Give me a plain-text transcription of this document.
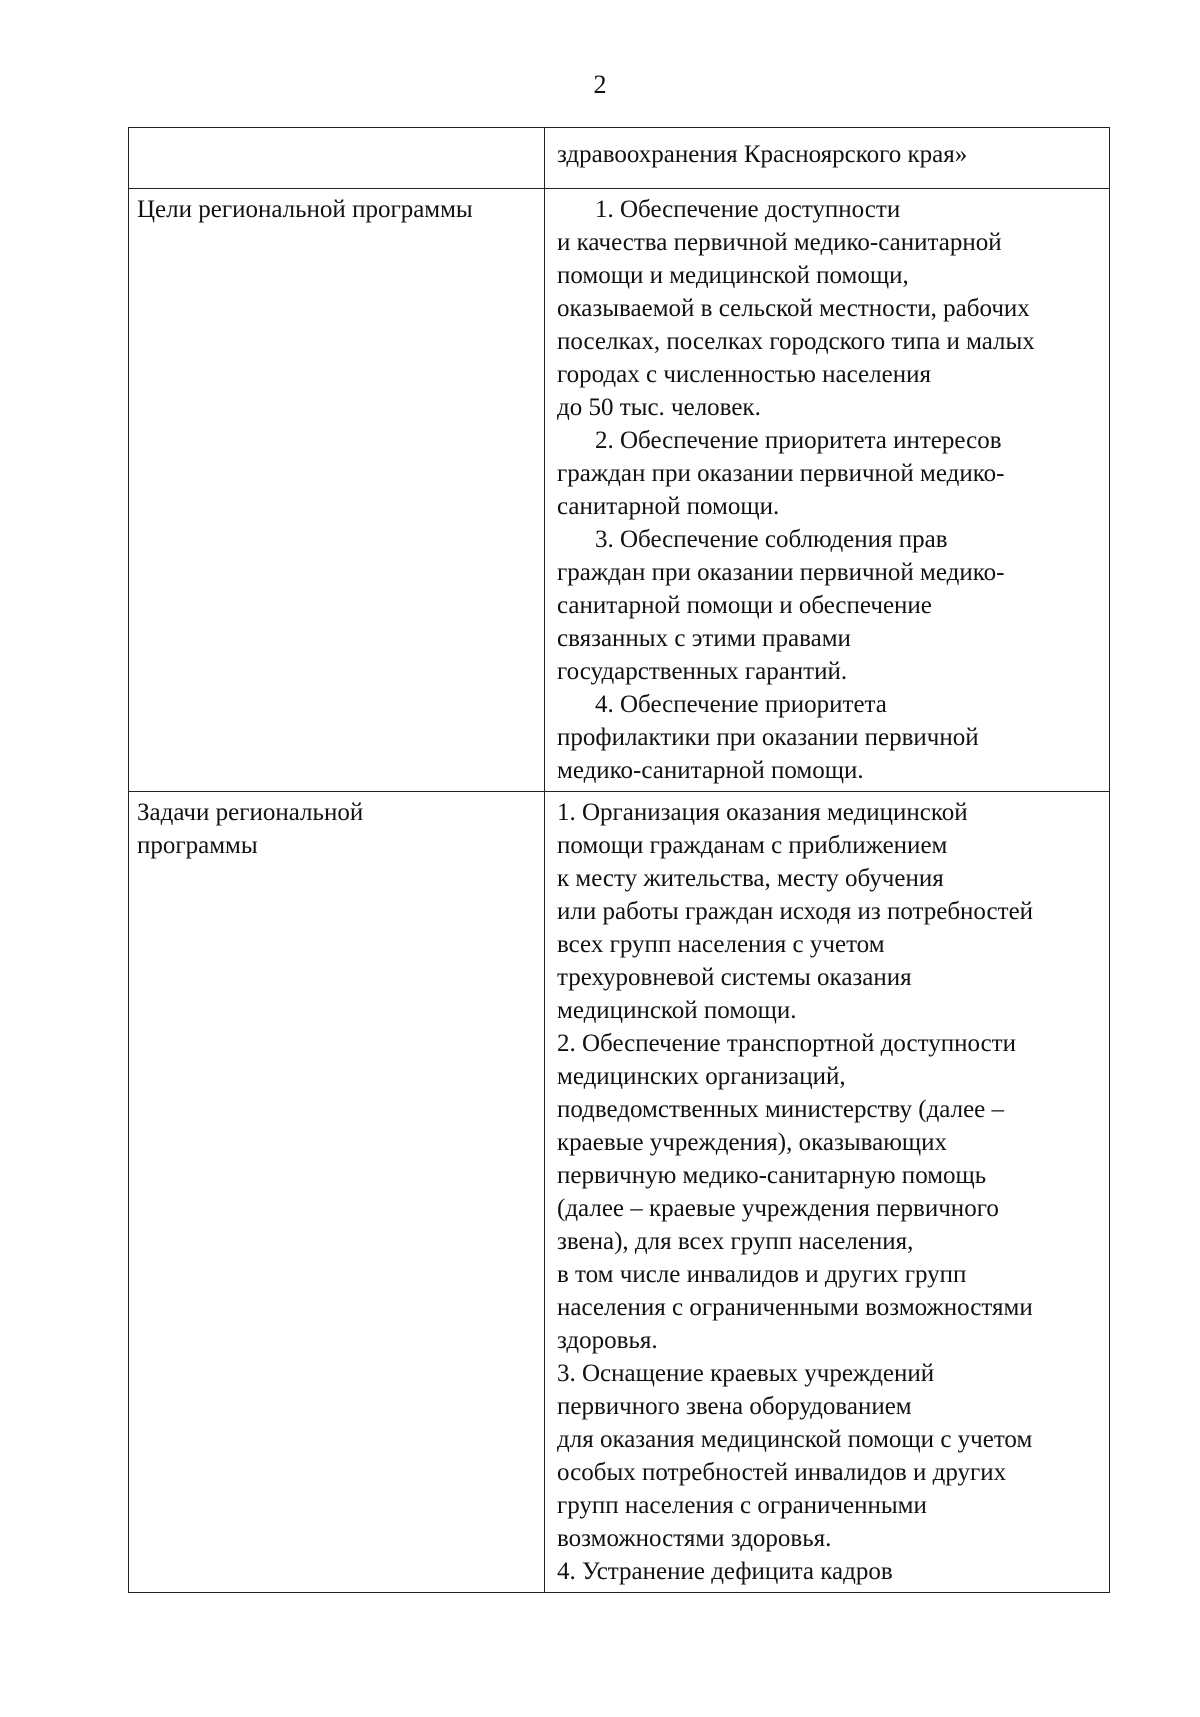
2
здравоохранения Красноярского края»
Цели региональной программы	1. Обеспечение доступности
и качества первичной медико-санитарной
помощи и медицинской помощи,
оказываемой в сельской местности, рабочих
поселках, поселках городского типа и малых
городах с численностью населения
до 50 тыс. человек.
2. Обеспечение приоритета интересов
граждан при оказании первичной медико-
санитарной помощи.
3. Обеспечение соблюдения прав
граждан при оказании первичной медико-
санитарной помощи и обеспечение
связанных с этими правами
государственных гарантий.
4. Обеспечение приоритета
профилактики при оказании первичной
медико-санитарной помощи.
Задачи региональной
программы
1. Организация оказания медицинской
помощи гражданам с приближением
к месту жительства, месту обучения
или работы граждан исходя из потребностей
всех групп населения с учетом
трехуровневой системы оказания
медицинской помощи.
2. Обеспечение транспортной доступности
медицинских организаций,
подведомственных министерству (далее –
краевые учреждения), оказывающих
первичную медико-санитарную помощь
(далее – краевые учреждения первичного
звена), для всех групп населения,
в том числе инвалидов и других групп
населения с ограниченными возможностями
здоровья.
3. Оснащение краевых учреждений
первичного звена оборудованием
для оказания медицинской помощи с учетом
особых потребностей инвалидов и других
групп населения с ограниченными
возможностями здоровья.
4. Устранение дефицита кадров
